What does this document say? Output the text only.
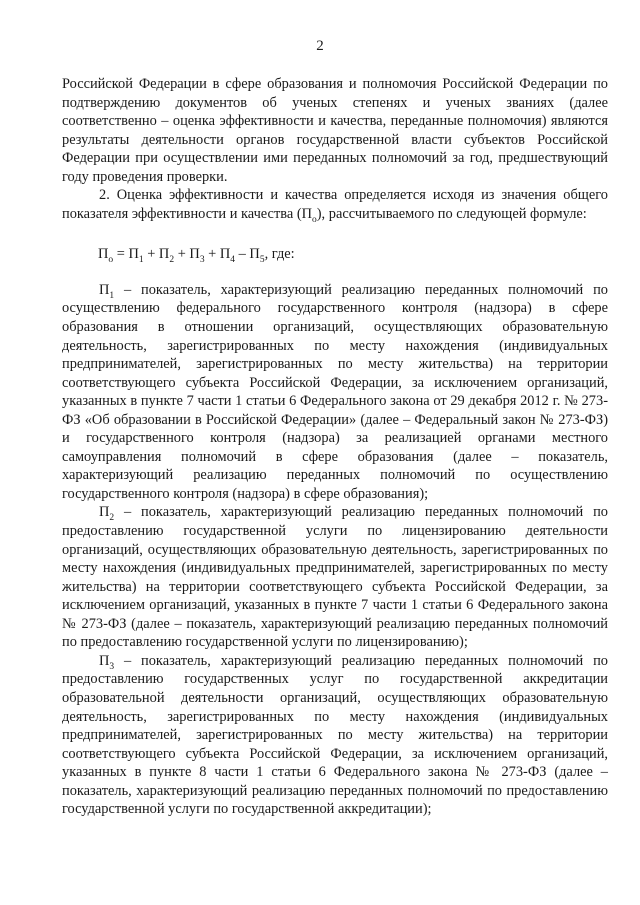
2

Российской Федерации в сфере образования и полномочия Российской Федерации по подтверждению документов об ученых степенях и ученых званиях (далее соответственно – оценка эффективности и качества, переданные полномочия) являются результаты деятельности органов государственной власти субъектов Российской Федерации при осуществлении ими переданных полномочий за год, предшествующий году проведения проверки.

2. Оценка эффективности и качества определяется исходя из значения общего показателя эффективности и качества $(П_о)$, рассчитываемого по следующей формуле:

$П_о = П_1 + П_2 + П_3 + П_4 - П_5$, где:

$П_1$ – показатель, характеризующий реализацию переданных полномочий по осуществлению федерального государственного контроля (надзора) в сфере образования в отношении организаций, осуществляющих образовательную деятельность, зарегистрированных по месту нахождения (индивидуальных предпринимателей, зарегистрированных по месту жительства) на территории соответствующего субъекта Российской Федерации, за исключением организаций, указанных в пункте 7 части 1 статьи 6 Федерального закона от 29 декабря 2012 г. № 273-ФЗ «Об образовании в Российской Федерации» (далее – Федеральный закон № 273-ФЗ) и государственного контроля (надзора) за реализацией органами местного самоуправления полномочий в сфере образования (далее – показатель, характеризующий реализацию переданных полномочий по осуществлению государственного контроля (надзора) в сфере образования);

$П_2$ – показатель, характеризующий реализацию переданных полномочий по предоставлению государственной услуги по лицензированию деятельности организаций, осуществляющих образовательную деятельность, зарегистрированных по месту нахождения (индивидуальных предпринимателей, зарегистрированных по месту жительства) на территории соответствующего субъекта Российской Федерации, за исключением организаций, указанных в пункте 7 части 1 статьи 6 Федерального закона № 273-ФЗ (далее – показатель, характеризующий реализацию переданных полномочий по предоставлению государственной услуги по лицензированию);

$П_3$ – показатель, характеризующий реализацию переданных полномочий по предоставлению государственных услуг по государственной аккредитации образовательной деятельности организаций, осуществляющих образовательную деятельность, зарегистрированных по месту нахождения (индивидуальных предпринимателей, зарегистрированных по месту жительства) на территории соответствующего субъекта Российской Федерации, за исключением организаций, указанных в пункте 8 части 1 статьи 6 Федерального закона № 273-ФЗ (далее – показатель, характеризующий реализацию переданных полномочий по предоставлению государственной услуги по государственной аккредитации);
